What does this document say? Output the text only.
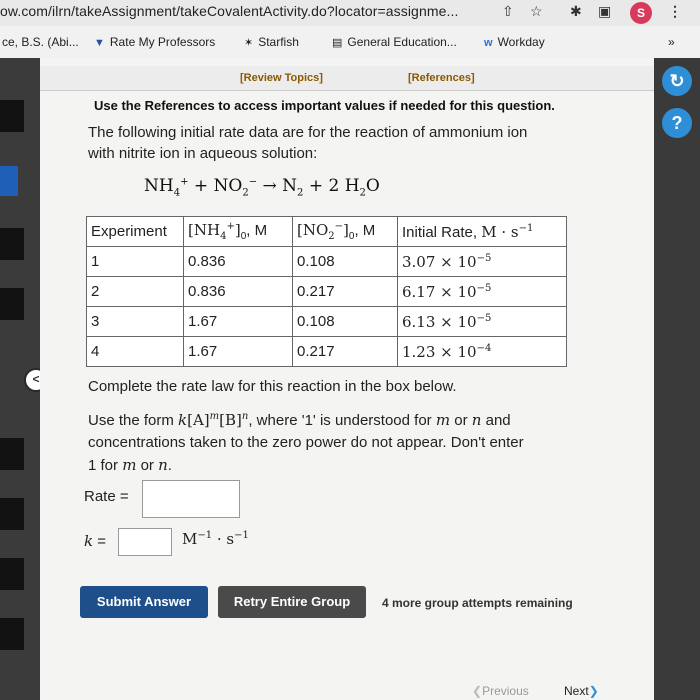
ow.com/ilrn/takeAssignment/takeCovalentActivity.do?locator=assignme...	⇧ ☆ ✱ ▣	S	⋮
ce, B.S. (Abi... ▼ Rate My Professors	✶ Starfish	▤ General Education... w Workday	»
<
↻
?
[Review Topics]	[References]
Use the References to access important values if needed for this question.
The following initial rate data are for the reaction of ammonium ion
with nitrite ion in aqueous solution:
$NH_4^+ + NO_2^- \to N_2 + 2$ $H_2O$
Experiment	$[NH_4^+]_0$, M	$[NO_2^-]_0$, M	Initial Rate, $M \cdot s^{-1}$
1	0.836	0.108	$3.07 \times 10^{-5}$
2	0.836	0.217	$6.17 \times 10^{-5}$
3	1.67	0.108	$6.13 \times 10^{-5}$
4	1.67	0.217	$1.23 \times 10^{-4}$
Complete the rate law for this reaction in the box below.
Use the form $k[A]^m[B]^n$, where '1' is understood for m or n and
concentrations taken to the zero power do not appear. Don't enter
1 for m or n.
Rate =
k =	$M^{-1} \cdot s^{-1}$
Submit Answer	Retry Entire Group	4 more group attempts remaining
❮Previous	Next❯
